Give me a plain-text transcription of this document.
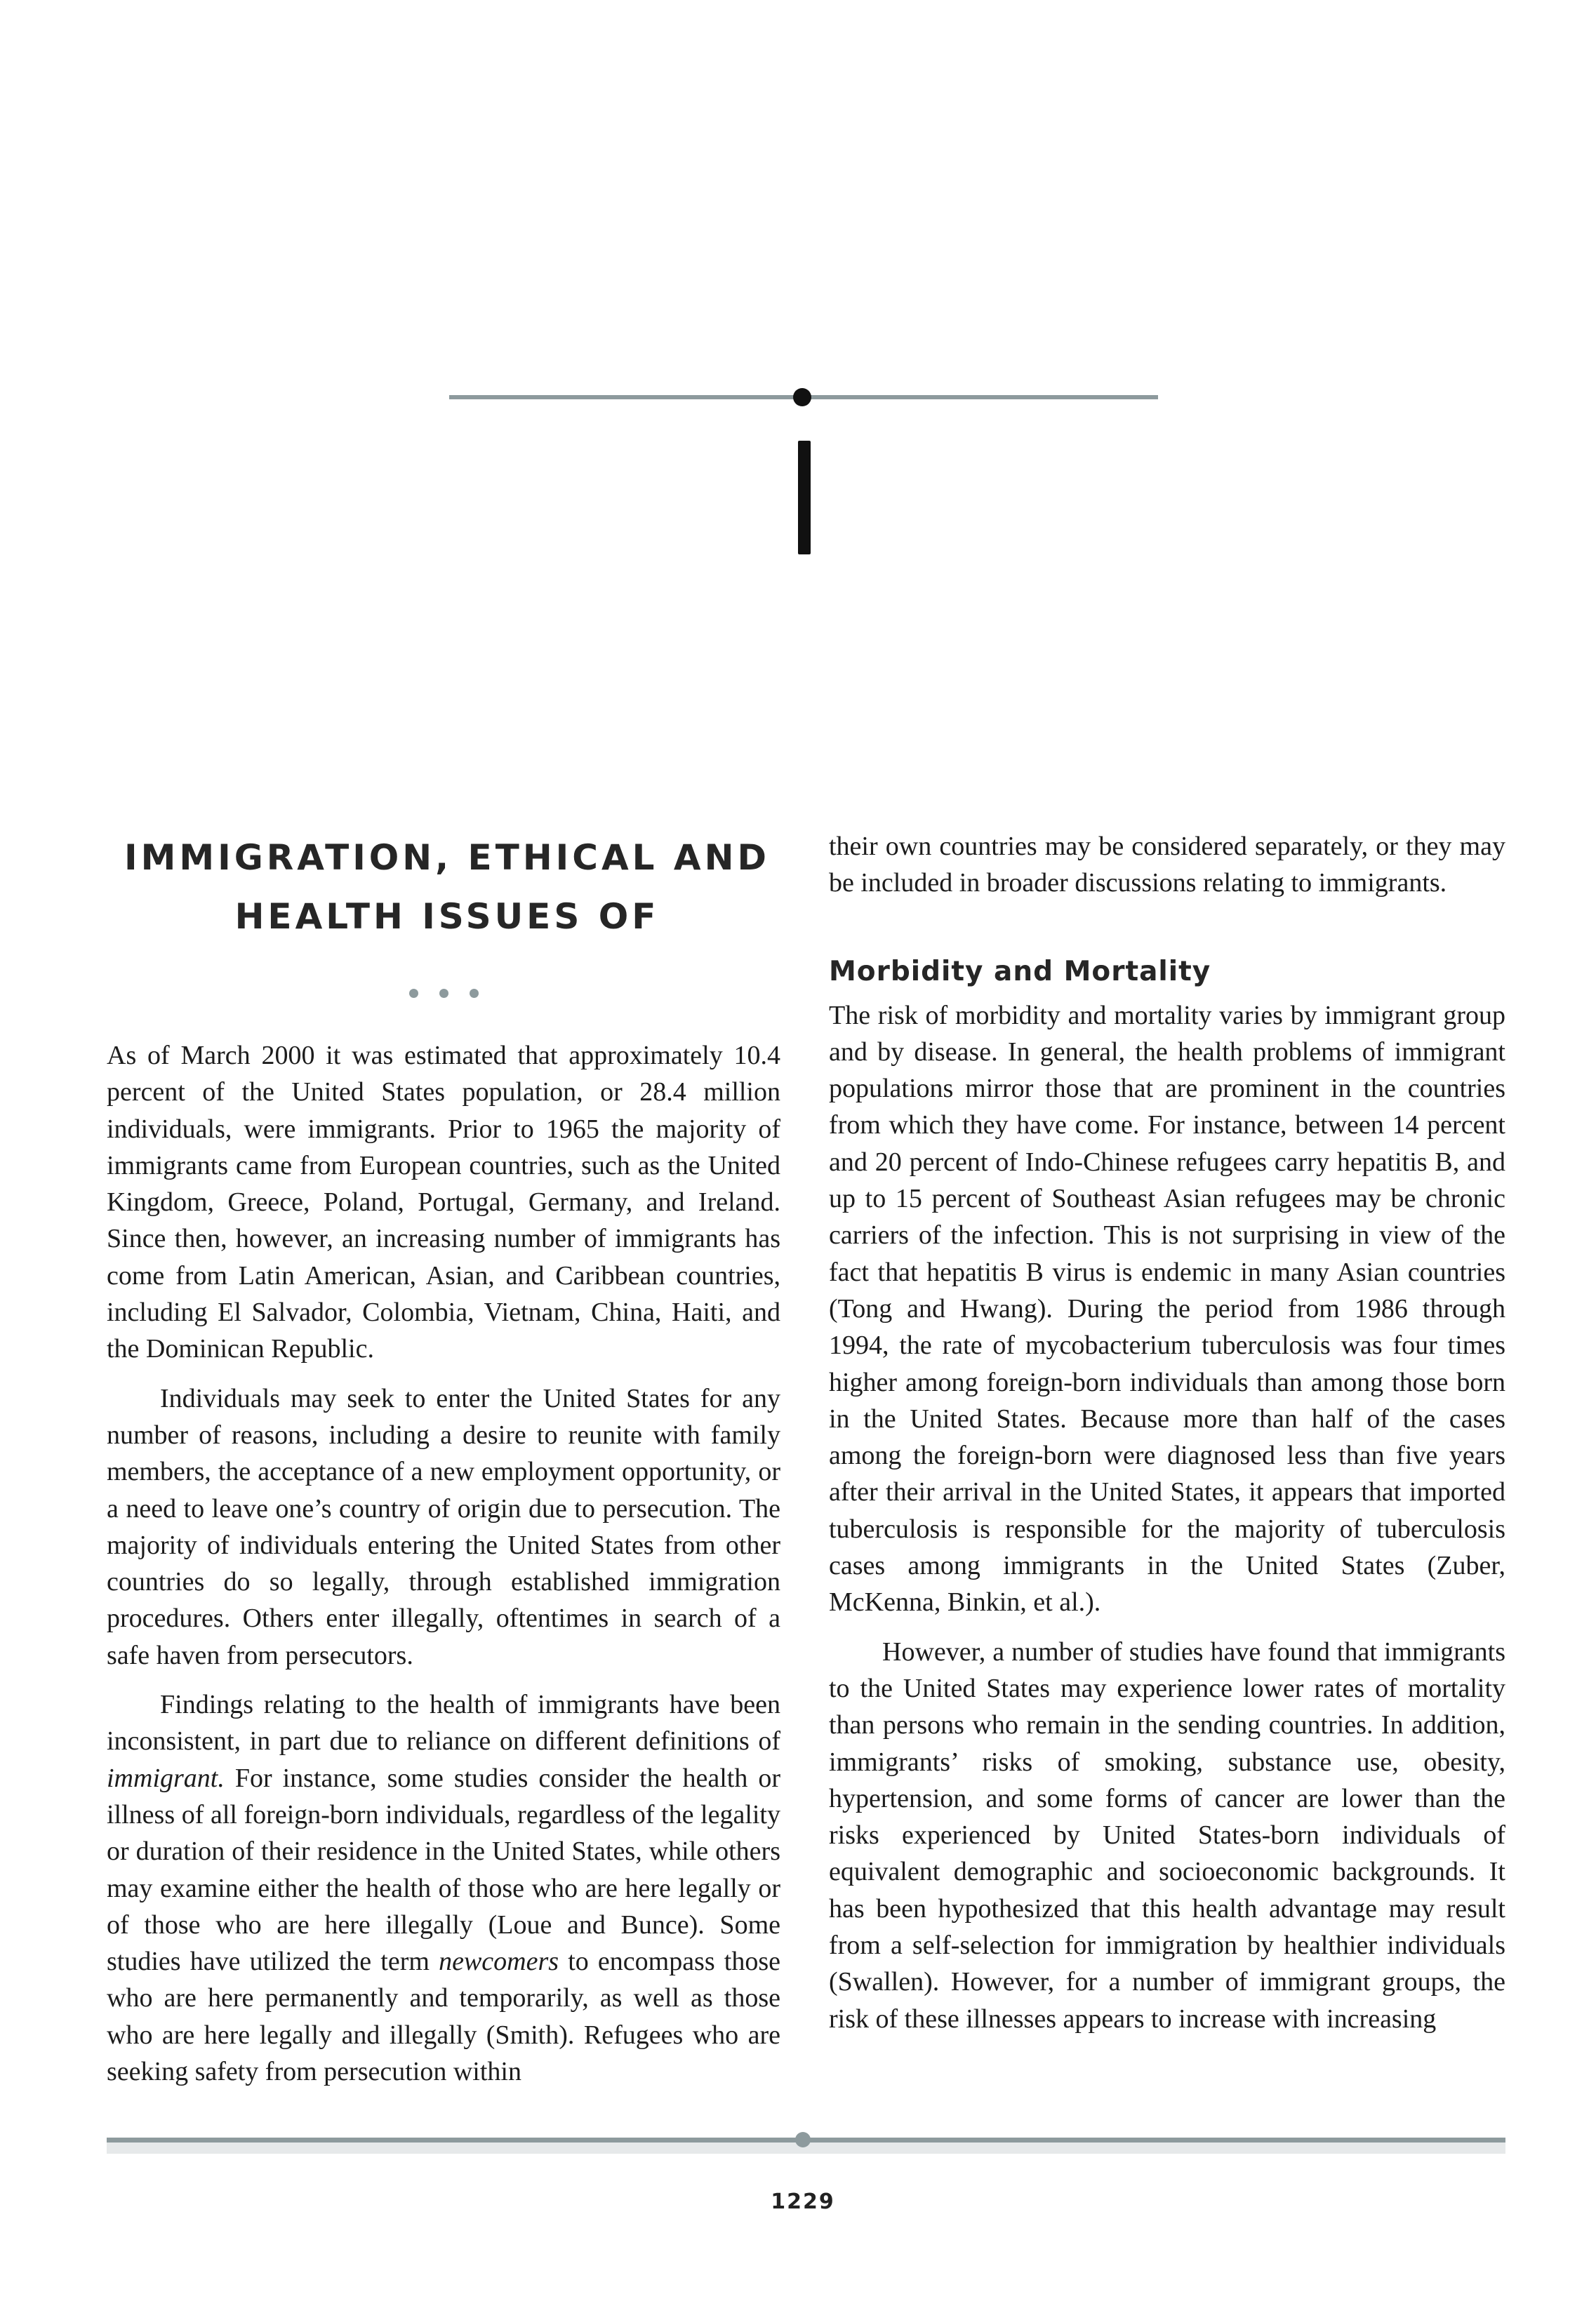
IMMIGRATION, ETHICAL AND
HEALTH ISSUES OF

As of March 2000 it was estimated that approximately 10.4 percent of the United States population, or 28.4 million individuals, were immigrants. Prior to 1965 the majority of immigrants came from European countries, such as the United Kingdom, Greece, Poland, Portugal, Germany, and Ireland. Since then, however, an increasing number of immigrants has come from Latin American, Asian, and Caribbean countries, including El Salvador, Colombia, Vietnam, China, Haiti, and the Dominican Republic.

Individuals may seek to enter the United States for any number of reasons, including a desire to reunite with family members, the acceptance of a new employment opportunity, or a need to leave one’s country of origin due to persecution. The majority of individuals entering the United States from other countries do so legally, through established immigration procedures. Others enter illegally, oftentimes in search of a safe haven from persecutors.

Findings relating to the health of immigrants have been inconsistent, in part due to reliance on different definitions of immigrant. For instance, some studies consider the health or illness of all foreign-born individuals, regardless of the legality or duration of their residence in the United States, while others may examine either the health of those who are here legally or of those who are here illegally (Loue and Bunce). Some studies have utilized the term newcomers to encompass those who are here permanently and temporarily, as well as those who are here legally and illegally (Smith). Refugees who are seeking safety from persecution within

their own countries may be considered separately, or they may be included in broader discussions relating to immigrants.

Morbidity and Mortality

The risk of morbidity and mortality varies by immigrant group and by disease. In general, the health problems of immigrant populations mirror those that are prominent in the countries from which they have come. For instance, between 14 percent and 20 percent of Indo-Chinese refugees carry hepatitis B, and up to 15 percent of Southeast Asian refugees may be chronic carriers of the infection. This is not surprising in view of the fact that hepatitis B virus is endemic in many Asian countries (Tong and Hwang). During the period from 1986 through 1994, the rate of mycobacterium tuberculosis was four times higher among foreign-born individuals than among those born in the United States. Because more than half of the cases among the foreign-born were diagnosed less than five years after their arrival in the United States, it appears that imported tuberculosis is responsible for the majority of tuberculosis cases among immigrants in the United States (Zuber, McKenna, Binkin, et al.).

However, a number of studies have found that immigrants to the United States may experience lower rates of mortality than persons who remain in the sending countries. In addition, immigrants’ risks of smoking, substance use, obesity, hypertension, and some forms of cancer are lower than the risks experienced by United States-born individuals of equivalent demographic and socioeconomic backgrounds. It has been hypothesized that this health advantage may result from a self-selection for immigration by healthier individuals (Swallen). However, for a number of immigrant groups, the risk of these illnesses appears to increase with increasing

1229
